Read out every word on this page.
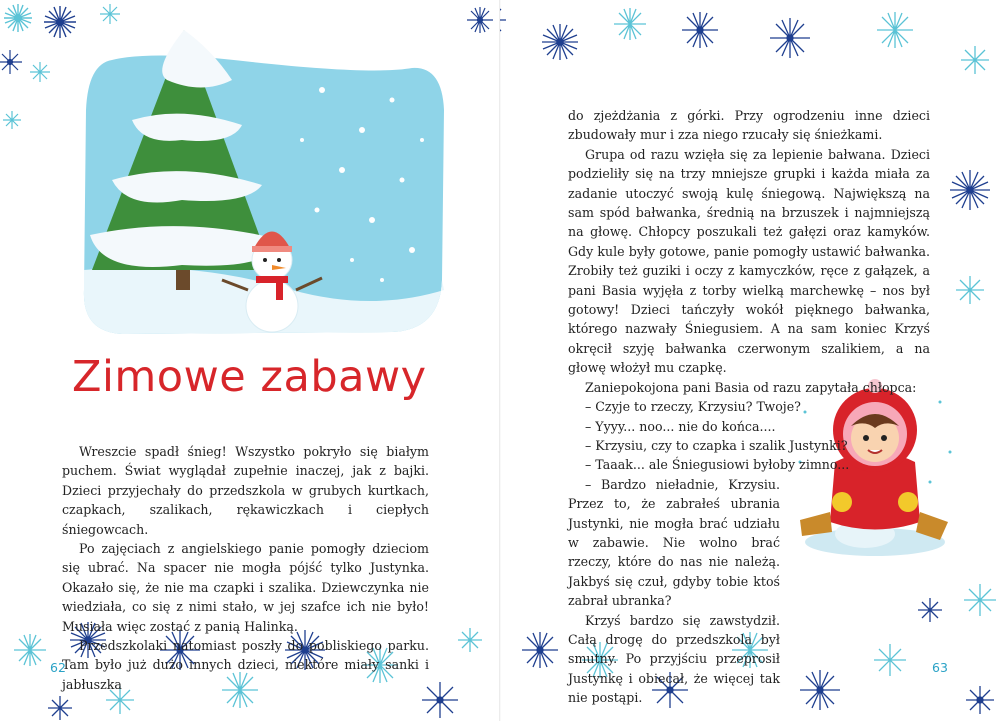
Zimowe zabawy

Wreszcie spadł śnieg! Wszystko pokryło się białym puchem. Świat wyglądał zupełnie inaczej, jak z bajki. Dzieci przyjechały do przedszkola w grubych kurtkach, czapkach, szalikach, rękawiczkach i ciepłych śniegowcach.

Po zajęciach z angielskiego panie pomogły dzieciom się ubrać. Na spacer nie mogła pójść tylko Justynka. Okazało się, że nie ma czapki i szalika. Dziewczynka nie wiedziała, co się z nimi stało, w jej szafce ich nie było! Musiała więc zostać z panią Halinką.

Przedszkolaki natomiast poszły do pobliskiego parku. Tam było już dużo innych dzieci, niektóre miały sanki i jabłuszka

62

do zjeżdżania z górki. Przy ogrodzeniu inne dzieci zbudowały mur i zza niego rzucały się śnieżkami.

Grupa od razu wzięła się za lepienie bałwana. Dzieci podzieliły się na trzy mniejsze grupki i każda miała za zadanie utoczyć swoją kulę śniegową. Największą na sam spód bałwanka, średnią na brzuszek i najmniejszą na głowę. Chłopcy poszukali też gałęzi oraz kamyków. Gdy kule były gotowe, panie pomogły ustawić bałwanka. Zrobiły też guziki i oczy z kamyczków, ręce z gałązek, a pani Basia wyjęła z torby wielką marchewkę – nos był gotowy! Dzieci tańczyły wokół pięknego bałwanka, którego nazwały Śniegusiem. A na sam koniec Krzyś okręcił szyję bałwanka czerwonym szalikiem, a na głowę włożył mu czapkę.

Zaniepokojona pani Basia od razu zapytała chłopca:

– Czyje to rzeczy, Krzysiu? Twoje?

– Yyyy... noo... nie do końca....

– Krzysiu, czy to czapka i szalik Justynki?

– Taaak... ale Śniegusiowi byłoby zimno...

– Bardzo nieładnie, Krzysiu. Przez to, że zabrałeś ubrania Justynki, nie mogła brać udziału w zabawie. Nie wolno brać rzeczy, które do nas nie należą. Jakbyś się czuł, gdyby tobie ktoś zabrał ubranka?

Krzyś bardzo się zawstydził. Całą drogę do przedszkola był smutny. Po przyjściu przeprosił Justynkę i obiecał, że więcej tak nie postąpi.

63
